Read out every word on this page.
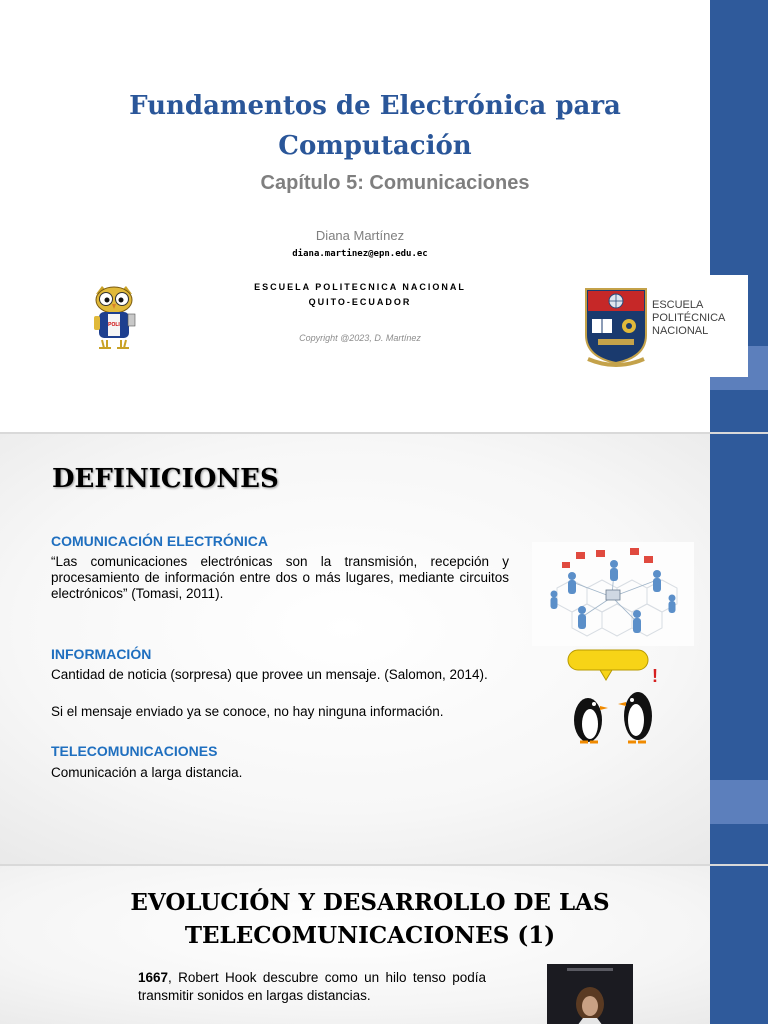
Fundamentos de Electrónica para Computación
Capítulo 5: Comunicaciones
Diana Martínez
diana.martinez@epn.edu.ec
ESCUELA POLITECNICA NACIONAL
QUITO-ECUADOR
Copyright @2023, D. Martínez
POLI
ESCUELA
POLITÉCNICA
NACIONAL
DEFINICIONES
COMUNICACIÓN ELECTRÓNICA

“Las comunicaciones electrónicas son la transmisión, recepción y procesamiento de información entre dos o más lugares, mediante circuitos electrónicos” (Tomasi, 2011).

INFORMACIÓN

Cantidad de noticia (sorpresa) que provee un mensaje. (Salomon, 2014).

Si el mensaje enviado ya se conoce, no hay ninguna información.

TELECOMUNICACIONES

Comunicación a larga distancia.

!
EVOLUCIÓN Y DESARROLLO DE LAS TELECOMUNICACIONES (1)

1667, Robert Hook descubre como un hilo tenso podía transmitir sonidos en largas distancias.
